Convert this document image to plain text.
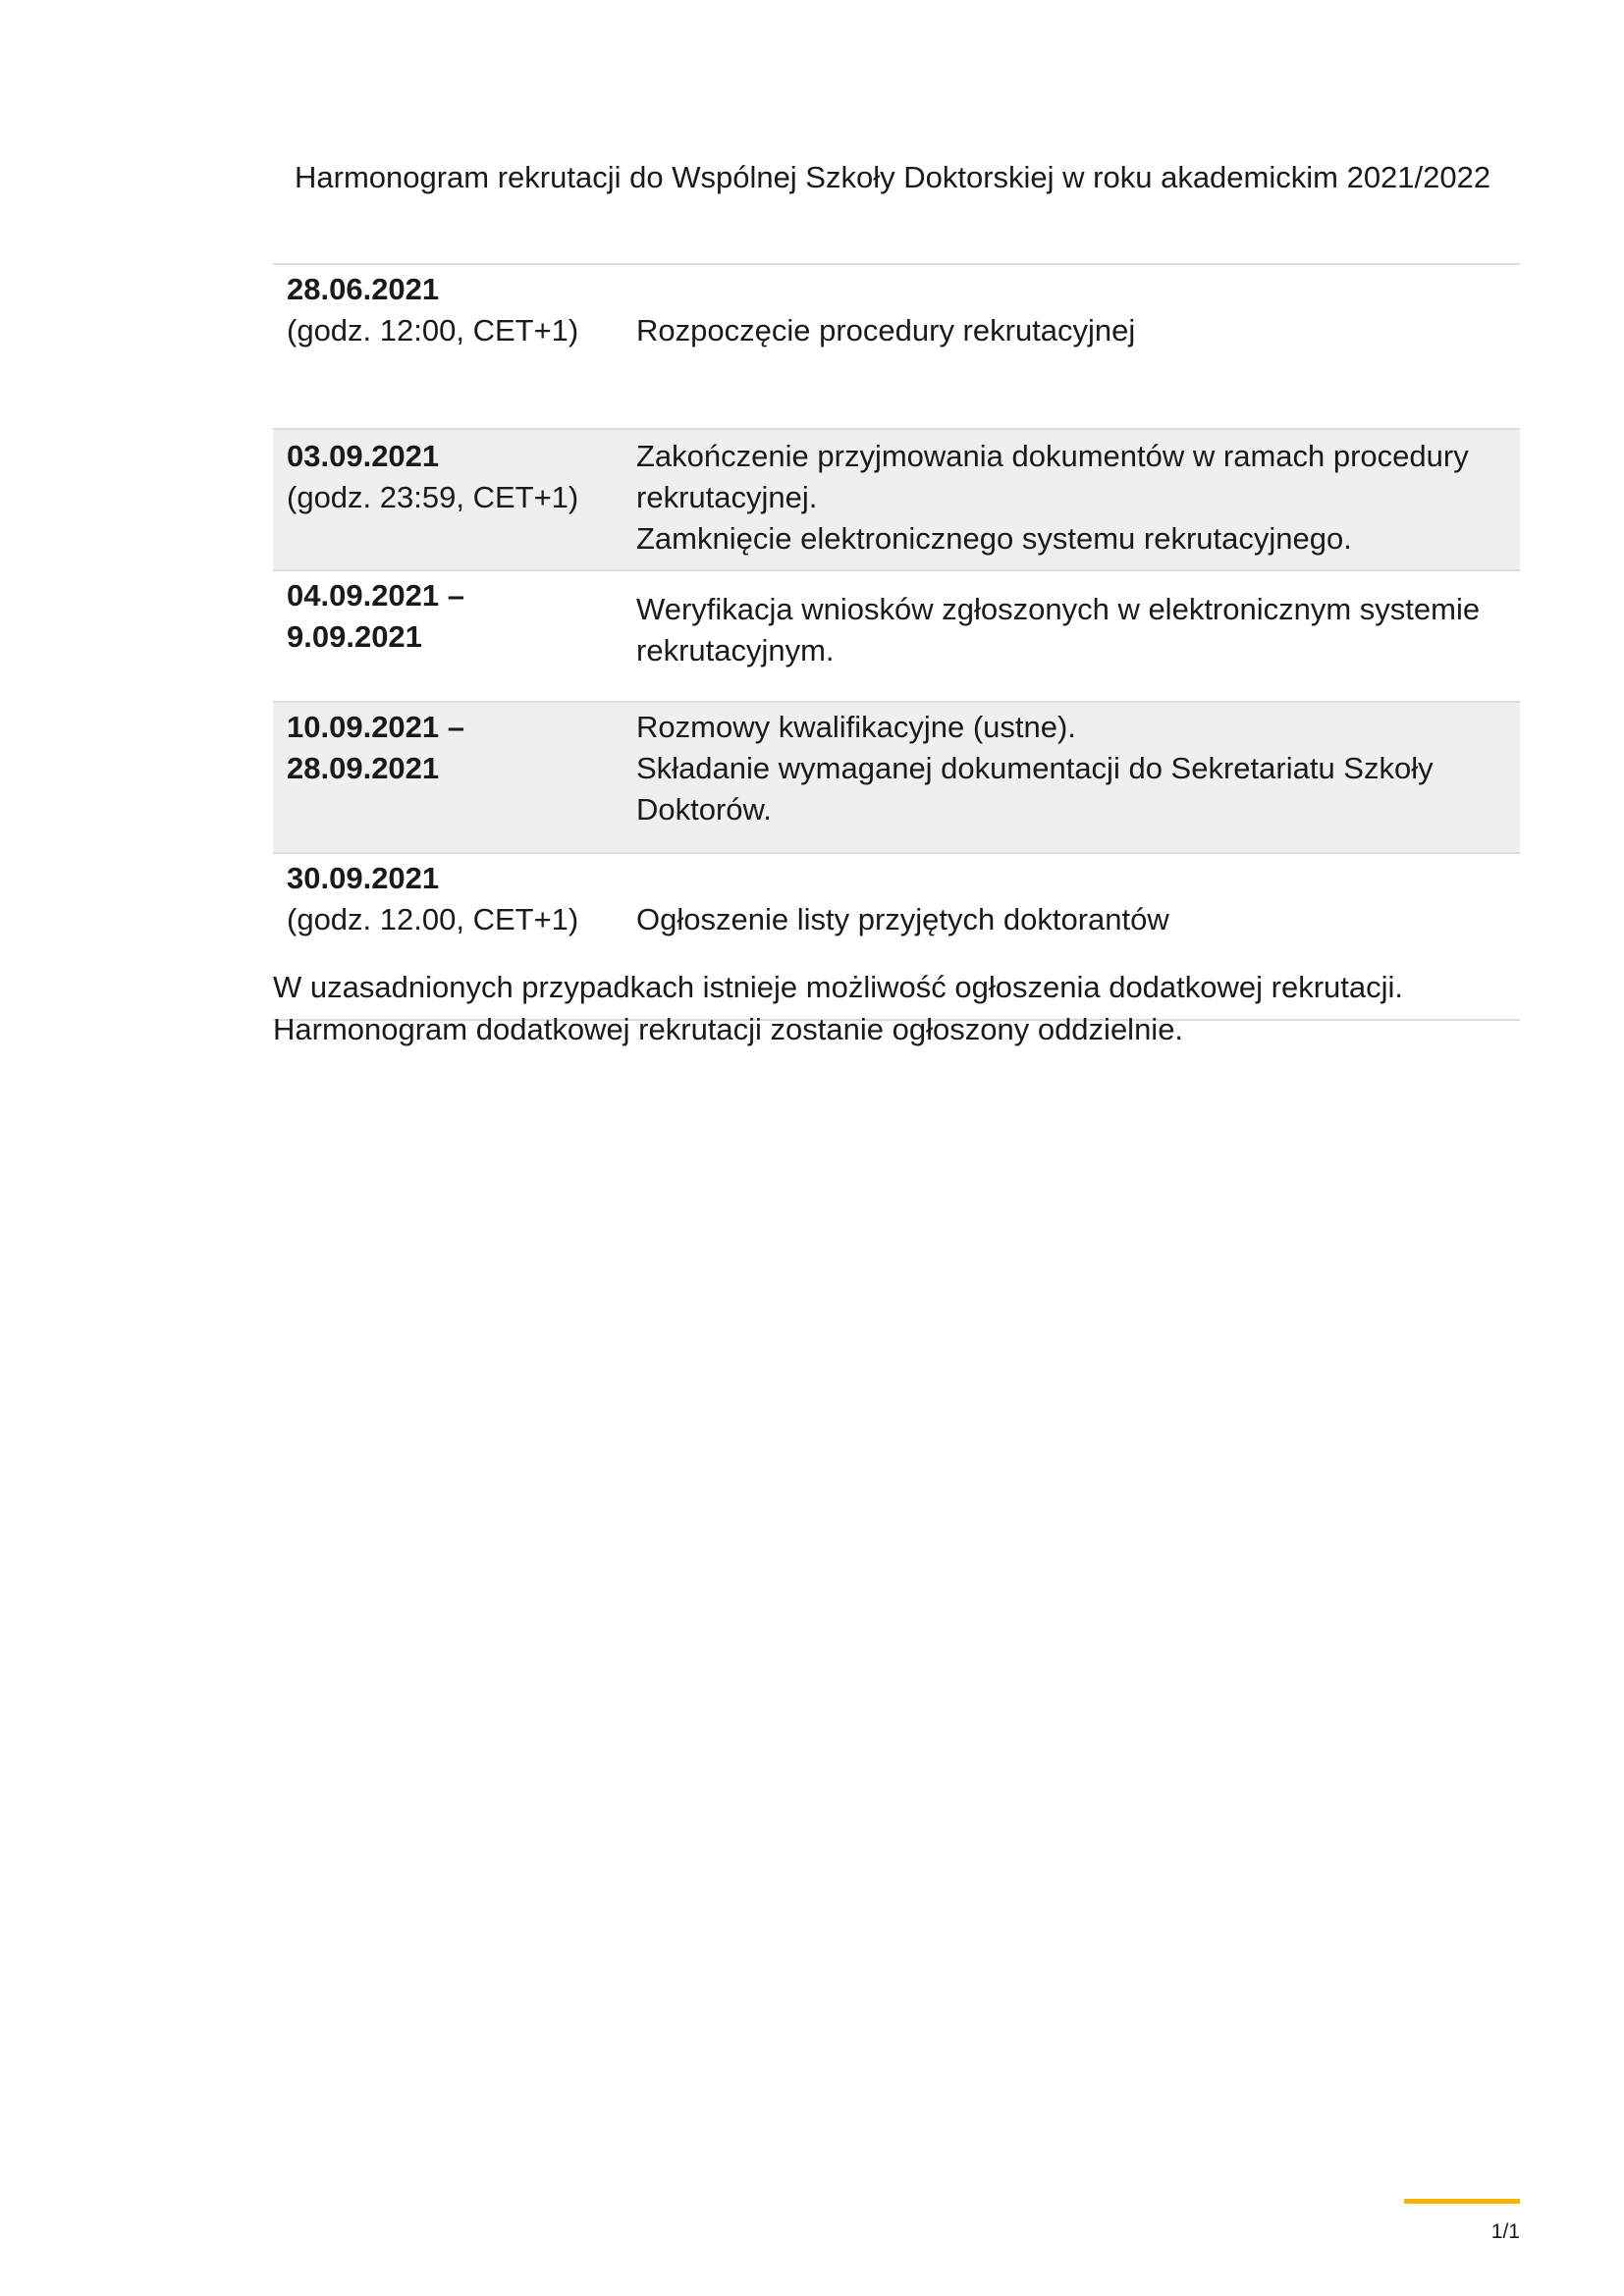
Harmonogram rekrutacji do Wspólnej Szkoły Doktorskiej w roku akademickim 2021/2022
28.06.2021
(godz. 12:00, CET+1)	Rozpoczęcie procedury rekrutacyjnej

03.09.2021
(godz. 23:59, CET+1)	Zakończenie przyjmowania dokumentów w ramach procedury
rekrutacyjnej.
Zamknięcie elektronicznego systemu rekrutacyjnego.

04.09.2021 –
9.09.2021	Weryfikacja wniosków zgłoszonych w elektronicznym systemie
rekrutacyjnym.

10.09.2021 –
28.09.2021	Rozmowy kwalifikacyjne (ustne).
Składanie wymaganej dokumentacji do Sekretariatu Szkoły
Doktorów.

30.09.2021
(godz. 12.00, CET+1)	Ogłoszenie listy przyjętych doktorantów
W uzasadnionych przypadkach istnieje możliwość ogłoszenia dodatkowej rekrutacji.
Harmonogram dodatkowej rekrutacji zostanie ogłoszony oddzielnie.
1/1
